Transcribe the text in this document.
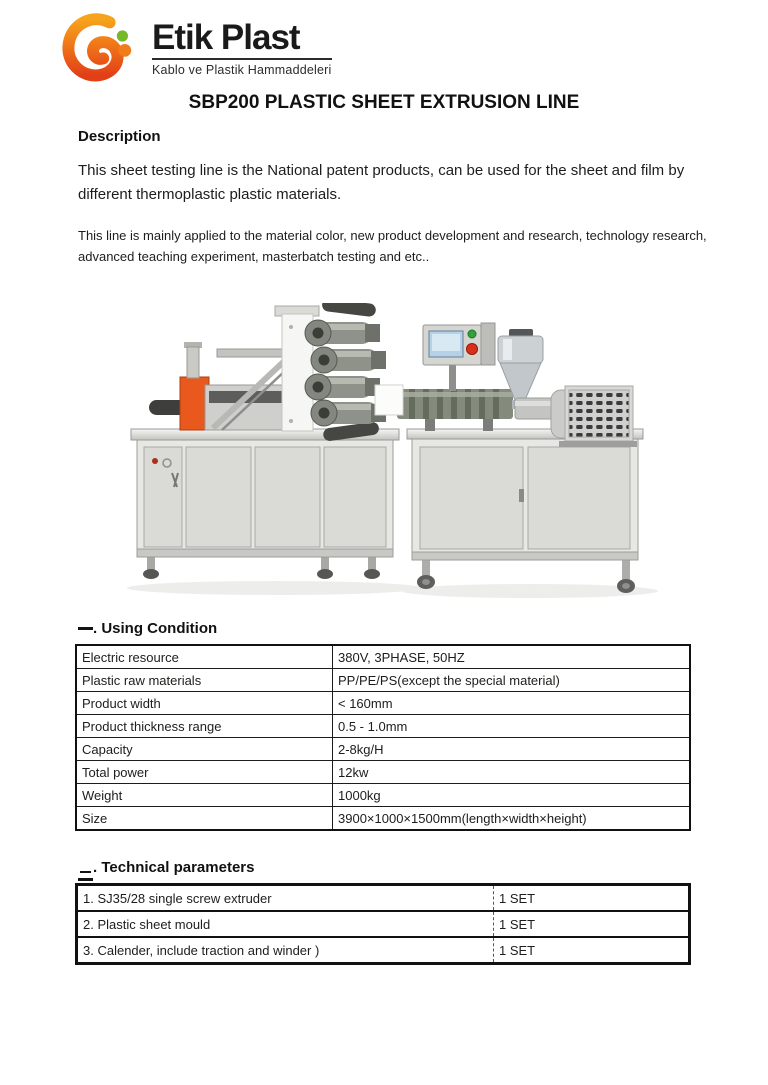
Etik Plast
Kablo ve Plastik Hammaddeleri
SBP200 PLASTIC SHEET EXTRUSION LINE
Description

This sheet testing line is the National patent products, can be used for the sheet and film by different thermoplastic plastic materials.

This line is mainly applied to the material color, new product development and research, technology research, advanced teaching experiment, masterbatch testing and etc..

. Using Condition
Electric resource	380V, 3PHASE, 50HZ
Plastic raw materials	PP/PE/PS(except the special material)
Product width	< 160mm
Product thickness range	0.5 - 1.0mm
Capacity	2-8kg/H
Total power	12kw
Weight	1000kg
Size	3900×1000×1500mm(length×width×height)
. Technical parameters
1. SJ35/28 single screw extruder	1 SET
2. Plastic sheet mould	1 SET
3. Calender, include traction and winder )	1 SET
